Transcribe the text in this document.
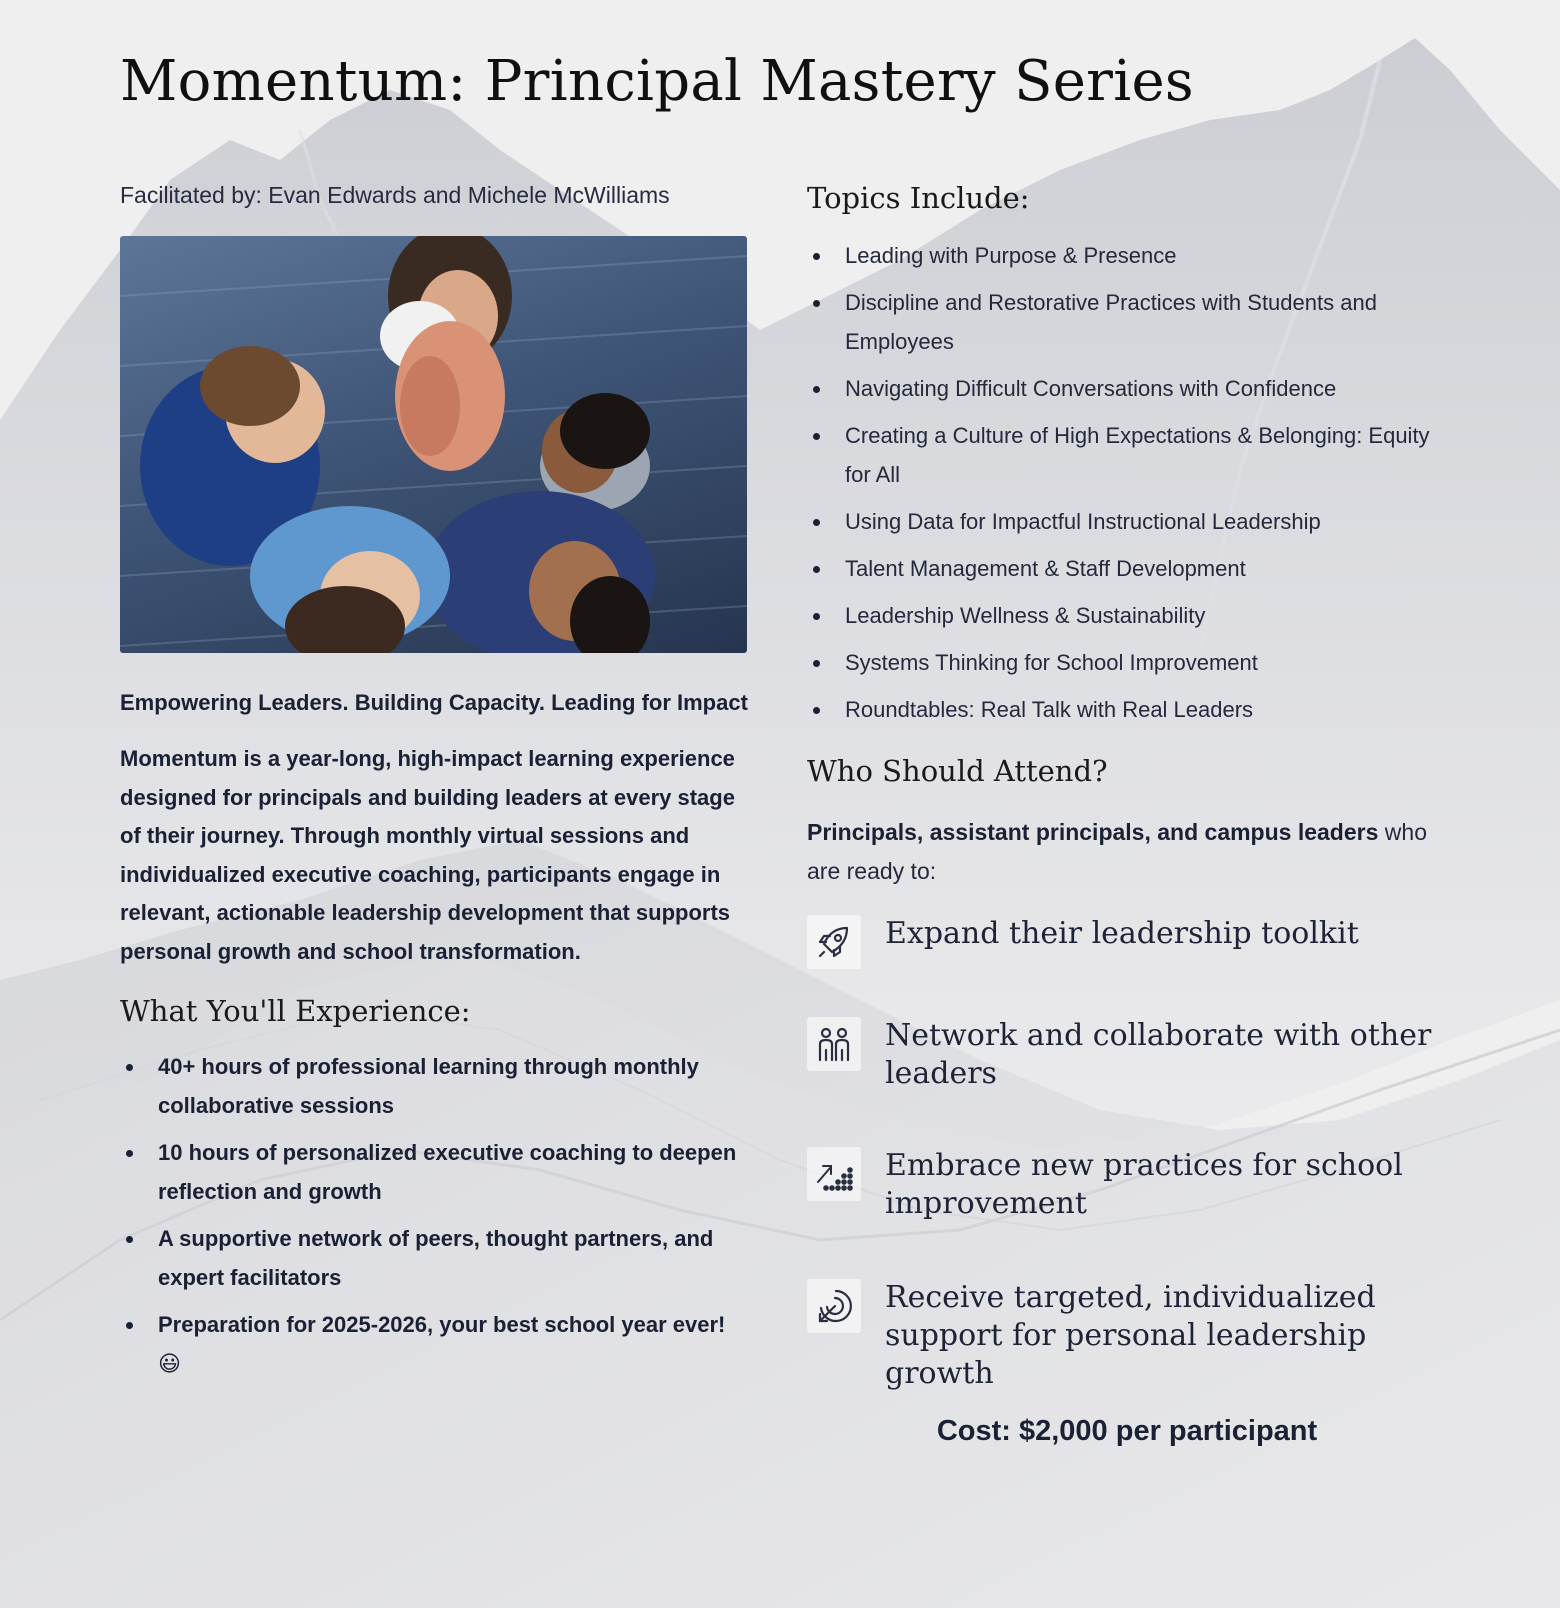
Momentum: Principal Mastery Series

Facilitated by: Evan Edwards and Michele McWilliams

Empowering Leaders. Building Capacity. Leading for Impact

Momentum is a year-long, high-impact learning experience designed for principals and building leaders at every stage of their journey. Through monthly virtual sessions and individualized executive coaching, participants engage in relevant, actionable leadership development that supports personal growth and school transformation.

What You'll Experience:
40+ hours of professional learning through monthly collaborative sessions
10 hours of personalized executive coaching to deepen reflection and growth
A supportive network of peers, thought partners, and expert facilitators
Preparation for 2025-2026, your best school year ever! 😃
Topics Include:
Leading with Purpose & Presence
Discipline and Restorative Practices with Students and Employees
Navigating Difficult Conversations with Confidence
Creating a Culture of High Expectations & Belonging: Equity for All
Using Data for Impactful Instructional Leadership
Talent Management & Staff Development
Leadership Wellness & Sustainability
Systems Thinking for School Improvement
Roundtables: Real Talk with Real Leaders
Who Should Attend?

Principals, assistant principals, and campus leaders who are ready to:

Expand their leadership toolkit
Network and collaborate with other leaders
Embrace new practices for school improvement
Receive targeted, individualized support for personal leadership growth
Cost: $2,000 per participant
